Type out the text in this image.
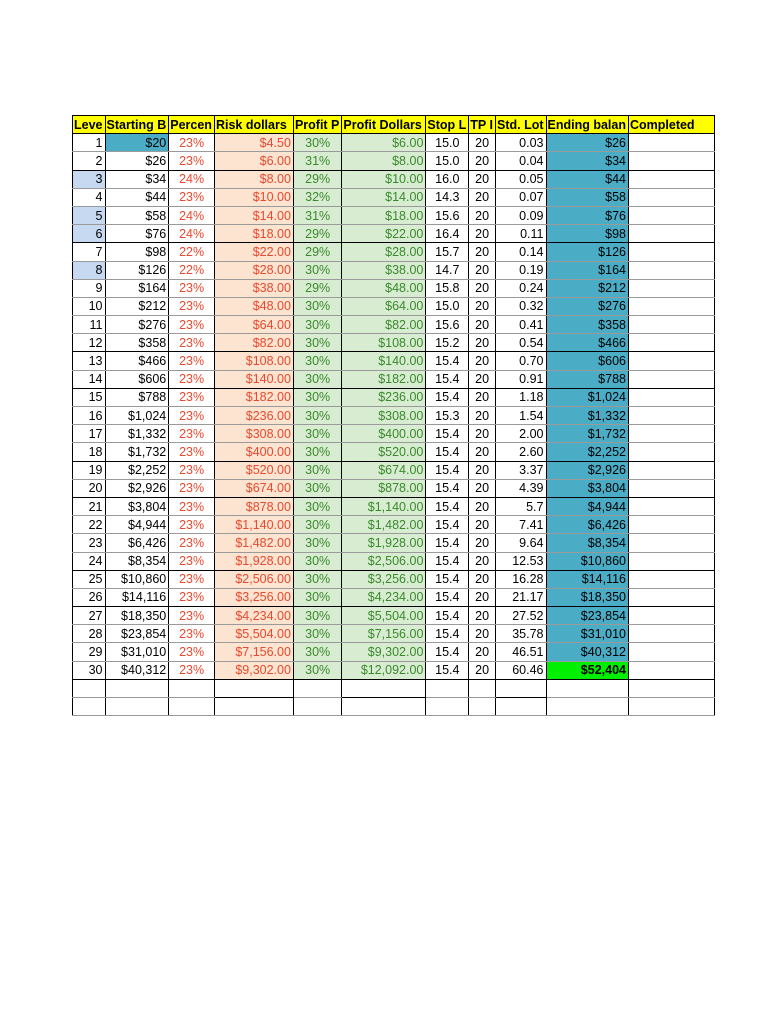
Leve	Starting B	Percen	Risk dollars	Profit P	Profit Dollars	Stop L	TP I	Std. Lot	Ending balan	Completed
1	$20	23%	$4.50	30%	$6.00	15.0	20	0.03	$26	
2	$26	23%	$6.00	31%	$8.00	15.0	20	0.04	$34	
3	$34	24%	$8.00	29%	$10.00	16.0	20	0.05	$44	
4	$44	23%	$10.00	32%	$14.00	14.3	20	0.07	$58	
5	$58	24%	$14.00	31%	$18.00	15.6	20	0.09	$76	
6	$76	24%	$18.00	29%	$22.00	16.4	20	0.11	$98	
7	$98	22%	$22.00	29%	$28.00	15.7	20	0.14	$126	
8	$126	22%	$28.00	30%	$38.00	14.7	20	0.19	$164	
9	$164	23%	$38.00	29%	$48.00	15.8	20	0.24	$212	
10	$212	23%	$48.00	30%	$64.00	15.0	20	0.32	$276	
11	$276	23%	$64.00	30%	$82.00	15.6	20	0.41	$358	
12	$358	23%	$82.00	30%	$108.00	15.2	20	0.54	$466	
13	$466	23%	$108.00	30%	$140.00	15.4	20	0.70	$606	
14	$606	23%	$140.00	30%	$182.00	15.4	20	0.91	$788	
15	$788	23%	$182.00	30%	$236.00	15.4	20	1.18	$1,024	
16	$1,024	23%	$236.00	30%	$308.00	15.3	20	1.54	$1,332	
17	$1,332	23%	$308.00	30%	$400.00	15.4	20	2.00	$1,732	
18	$1,732	23%	$400.00	30%	$520.00	15.4	20	2.60	$2,252	
19	$2,252	23%	$520.00	30%	$674.00	15.4	20	3.37	$2,926	
20	$2,926	23%	$674.00	30%	$878.00	15.4	20	4.39	$3,804	
21	$3,804	23%	$878.00	30%	$1,140.00	15.4	20	5.7	$4,944	
22	$4,944	23%	$1,140.00	30%	$1,482.00	15.4	20	7.41	$6,426	
23	$6,426	23%	$1,482.00	30%	$1,928.00	15.4	20	9.64	$8,354	
24	$8,354	23%	$1,928.00	30%	$2,506.00	15.4	20	12.53	$10,860	
25	$10,860	23%	$2,506.00	30%	$3,256.00	15.4	20	16.28	$14,116	
26	$14,116	23%	$3,256.00	30%	$4,234.00	15.4	20	21.17	$18,350	
27	$18,350	23%	$4,234.00	30%	$5,504.00	15.4	20	27.52	$23,854	
28	$23,854	23%	$5,504.00	30%	$7,156.00	15.4	20	35.78	$31,010	
29	$31,010	23%	$7,156.00	30%	$9,302.00	15.4	20	46.51	$40,312	
30	$40,312	23%	$9,302.00	30%	$12,092.00	15.4	20	60.46	$52,404	
